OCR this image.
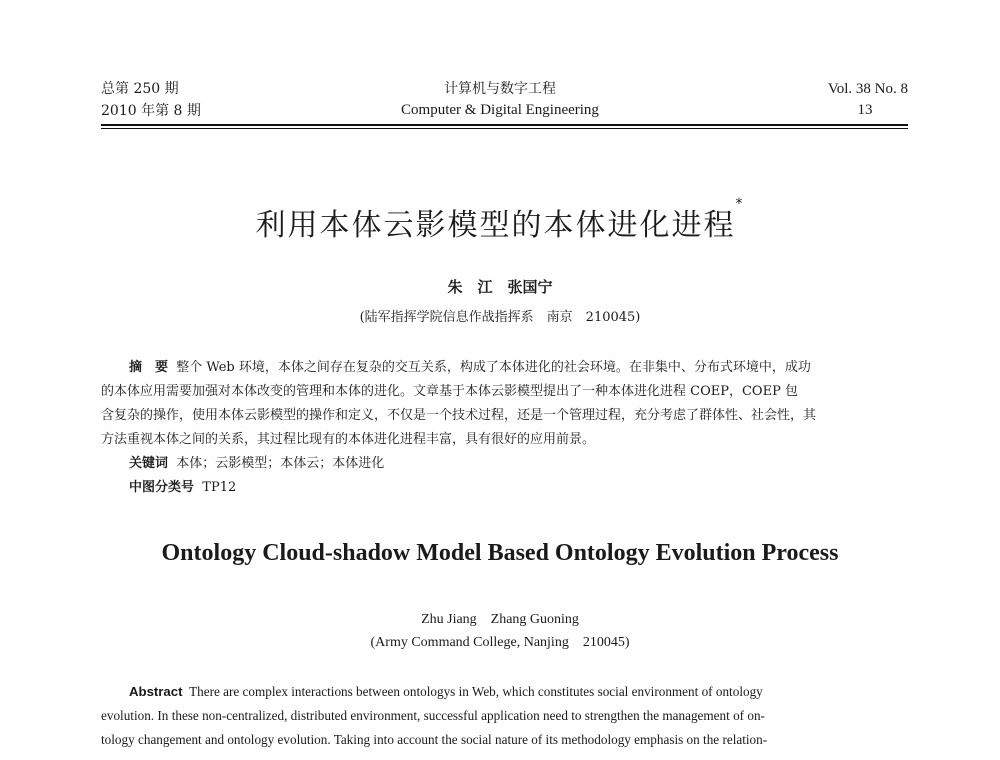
总第 250 期
2010 年第 8 期
计算机与数字工程
Computer & Digital Engineering
Vol. 38 No. 8
13
利用本体云影模型的本体进化进程*
朱　江　张国宁
(陆军指挥学院信息作战指挥系　南京　210045)
摘　要 整个 Web 环境，本体之间存在复杂的交互关系，构成了本体进化的社会环境。在非集中、分布式环境中，成功
的本体应用需要加强对本体改变的管理和本体的进化。文章基于本体云影模型提出了一种本体进化进程 COEP，COEP 包
含复杂的操作，使用本体云影模型的操作和定义，不仅是一个技术过程，还是一个管理过程，充分考虑了群体性、社会性，其
方法重视本体之间的关系，其过程比现有的本体进化进程丰富，具有很好的应用前景。
关键词 本体；云影模型；本体云；本体进化
中图分类号 TP12
Ontology Cloud-shadow Model Based Ontology Evolution Process
Zhu Jiang　Zhang Guoning
(Army Command College, Nanjing　210045)
Abstract There are complex interactions between ontologys in Web, which constitutes social environment of ontology
evolution. In these non-centralized, distributed environment, successful application need to strengthen the management of on-
tology changement and ontology evolution. Taking into account the social nature of its methodology emphasis on the relation-
